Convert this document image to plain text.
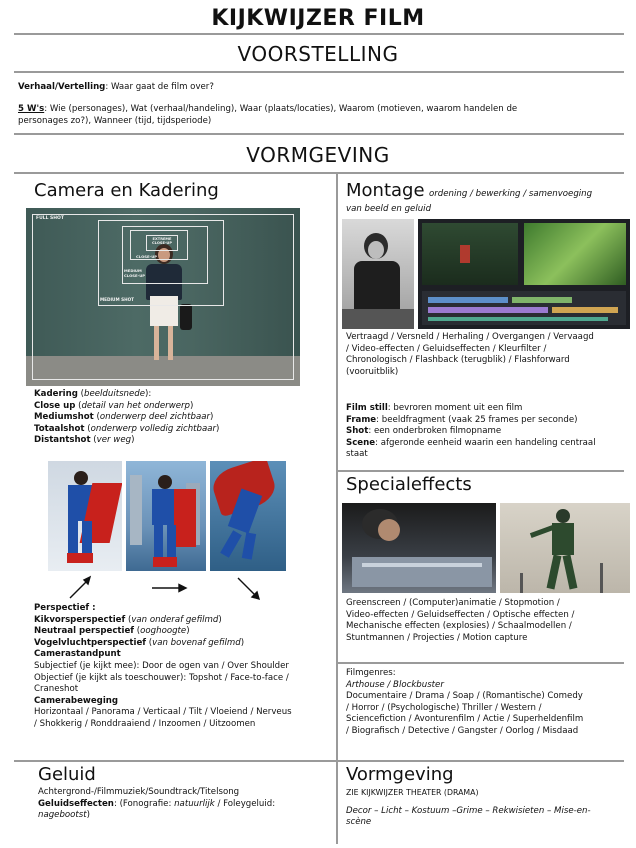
KIJKWIJZER FILM
VOORSTELLING
Verhaal/Vertelling: Waar gaat de film over?
5 W's: Wie (personages), Wat (verhaal/handeling), Waar (plaats/locaties), Waarom (motieven, waarom handelen de
personages zo?), Wanneer (tijd, tijdsperiode)
VORMGEVING
Camera en Kadering
FULL SHOT
EXTREME CLOSE-UP
CLOSE-UP
MEDIUM CLOSE-UP
MEDIUM SHOT
Kadering (beelduitsnede):
Close up (detail van het onderwerp)
Mediumshot (onderwerp deel zichtbaar)
Totaalshot (onderwerp volledig zichtbaar)
Distantshot (ver weg)
Perspectief :
Kikvorsperspectief (van onderaf gefilmd)
Neutraal perspectief (ooghoogte)
Vogelvluchtperspectief (van bovenaf gefilmd)
Camerastandpunt
Subjectief (je kijkt mee): Door de ogen van / Over Shoulder
Objectief (je kijkt als toeschouwer): Topshot / Face-to-face /
Craneshot
Camerabeweging
Horizontaal / Panorama / Verticaal / Tilt / Vloeiend / Nerveus
/ Shokkerig / Ronddraaiend / Inzoomen / Uitzoomen
Geluid
Achtergrond-/Filmmuziek/Soundtrack/Titelsong
Geluidseffecten: (Fonografie: natuurlijk / Foleygeluid:
nagebootst)
Montage ordening / bewerking / samenvoeging
van beeld en geluid
Vertraagd / Versneld / Herhaling / Overgangen / Vervaagd
/ Video-effecten / Geluidseffecten / Kleurfilter /
Chronologisch / Flashback (terugblik) / Flashforward
(vooruitblik)
Film still: bevroren moment uit een film
Frame: beeldfragment (vaak 25 frames per seconde)
Shot: een onderbroken filmopname
Scene: afgeronde eenheid waarin een handeling centraal
staat
Specialeffects
Greenscreen / (Computer)animatie / Stopmotion /
Video-effecten / Geluidseffecten / Optische effecten /
Mechanische effecten (explosies) / Schaalmodellen /
Stuntmannen / Projecties / Motion capture
Filmgenres:
Arthouse / Blockbuster
Documentaire / Drama / Soap / (Romantische) Comedy
/ Horror / (Psychologische) Thriller / Western /
Sciencefiction / Avonturenfilm / Actie / Superheldenfilm
/ Biografisch / Detective / Gangster / Oorlog / Misdaad
Vormgeving
ZIE KIJKWIJZER THEATER (DRAMA)
Decor – Licht – Kostuum –Grime – Rekwisieten – Mise-en-
scène
